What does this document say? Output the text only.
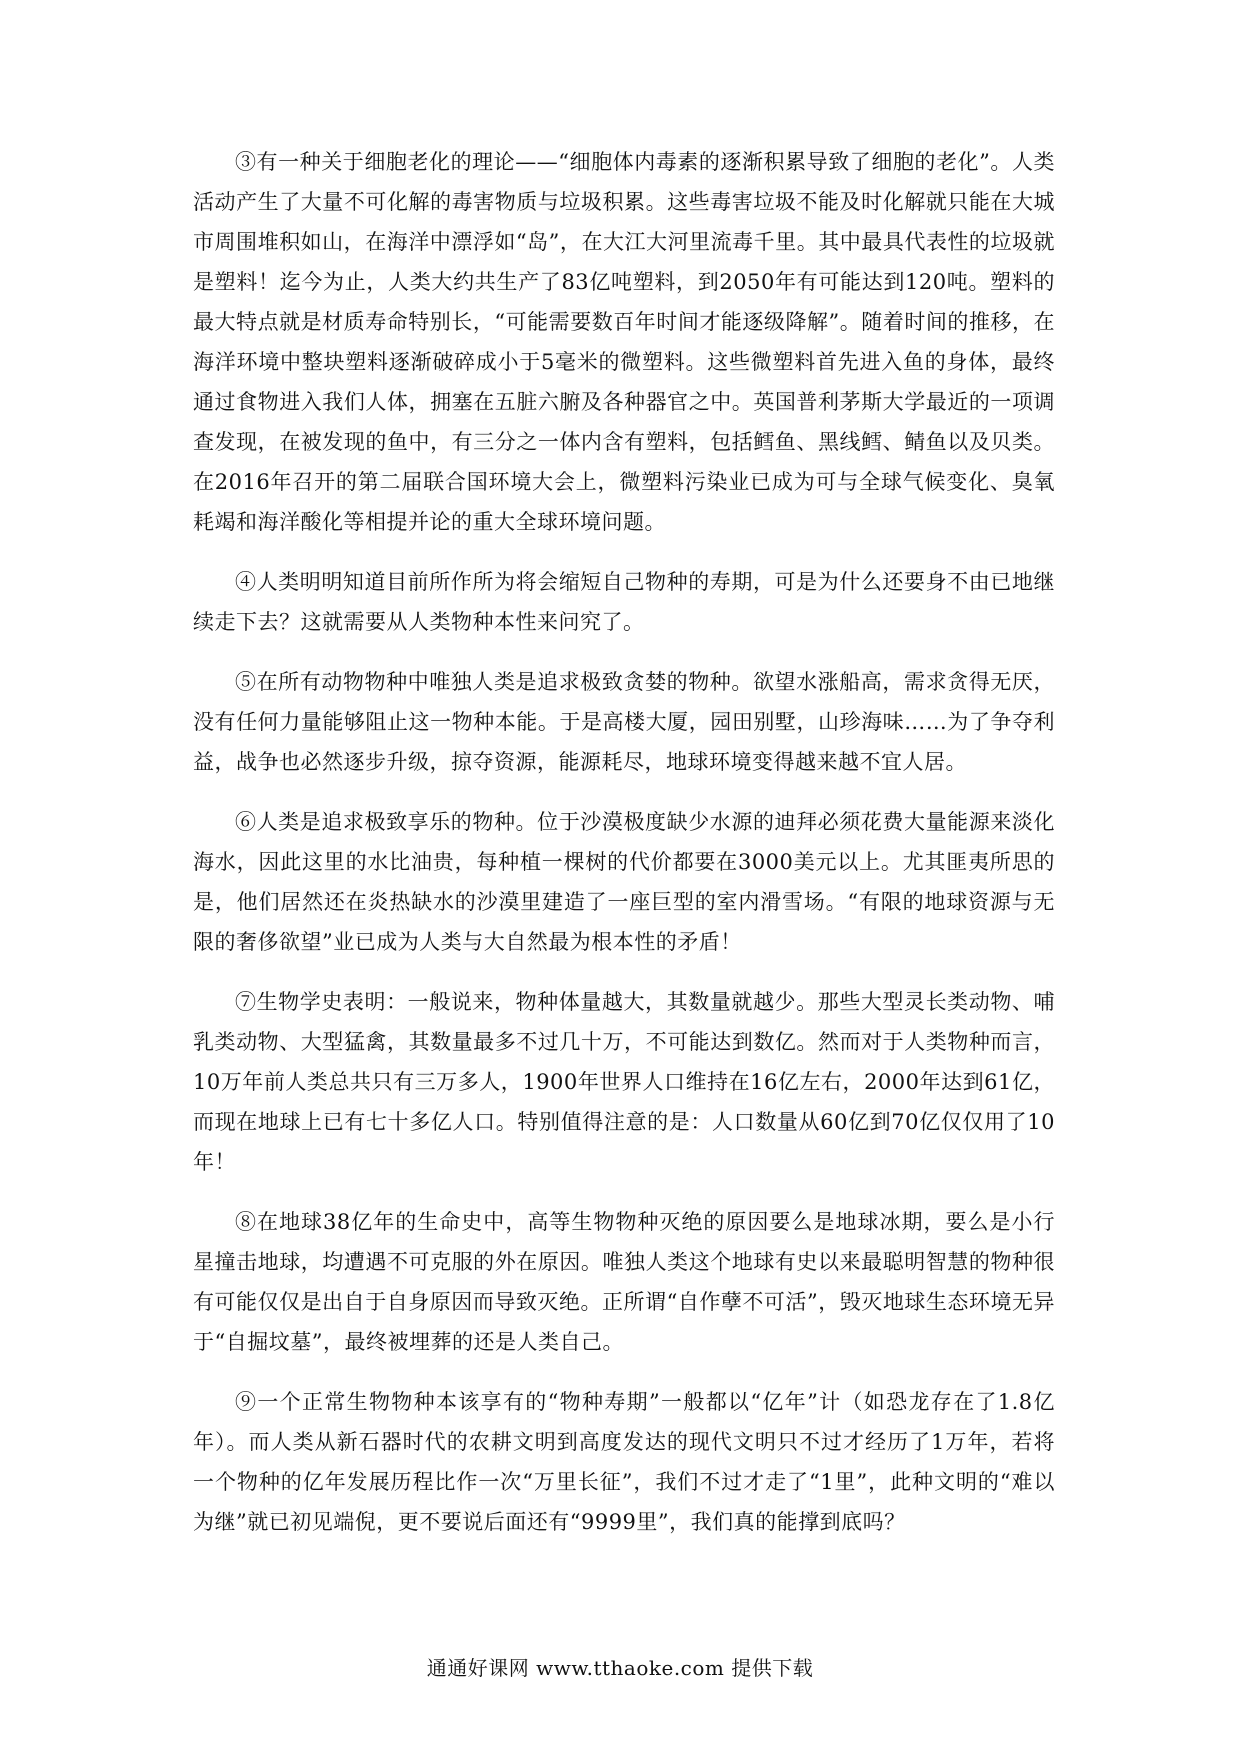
③有一种关于细胞老化的理论——“细胞体内毒素的逐渐积累导致了细胞的老化”。人类活动产生了大量不可化解的毒害物质与垃圾积累。这些毒害垃圾不能及时化解就只能在大城市周围堆积如山，在海洋中漂浮如“岛”，在大江大河里流毒千里。其中最具代表性的垃圾就是塑料！迄今为止，人类大约共生产了83亿吨塑料，到2050年有可能达到120吨。塑料的最大特点就是材质寿命特别长，“可能需要数百年时间才能逐级降解”。随着时间的推移，在海洋环境中整块塑料逐渐破碎成小于5毫米的微塑料。这些微塑料首先进入鱼的身体，最终通过食物进入我们人体，拥塞在五脏六腑及各种器官之中。英国普利茅斯大学最近的一项调查发现，在被发现的鱼中，有三分之一体内含有塑料，包括鳕鱼、黑线鳕、鲭鱼以及贝类。在2016年召开的第二届联合国环境大会上，微塑料污染业已成为可与全球气候变化、臭氧耗竭和海洋酸化等相提并论的重大全球环境问题。

④人类明明知道目前所作所为将会缩短自己物种的寿期，可是为什么还要身不由已地继续走下去？这就需要从人类物种本性来问究了。

⑤在所有动物物种中唯独人类是追求极致贪婪的物种。欲望水涨船高，需求贪得无厌，没有任何力量能够阻止这一物种本能。于是高楼大厦，园田别墅，山珍海味……为了争夺利益，战争也必然逐步升级，掠夺资源，能源耗尽，地球环境变得越来越不宜人居。

⑥人类是追求极致享乐的物种。位于沙漠极度缺少水源的迪拜必须花费大量能源来淡化海水，因此这里的水比油贵，每种植一棵树的代价都要在3000美元以上。尤其匪夷所思的是，他们居然还在炎热缺水的沙漠里建造了一座巨型的室内滑雪场。“有限的地球资源与无限的奢侈欲望”业已成为人类与大自然最为根本性的矛盾！

⑦生物学史表明：一般说来，物种体量越大，其数量就越少。那些大型灵长类动物、哺乳类动物、大型猛禽，其数量最多不过几十万，不可能达到数亿。然而对于人类物种而言，10万年前人类总共只有三万多人，1900年世界人口维持在16亿左右，2000年达到61亿，而现在地球上已有七十多亿人口。特别值得注意的是：人口数量从60亿到70亿仅仅用了10年！

⑧在地球38亿年的生命史中，高等生物物种灭绝的原因要么是地球冰期，要么是小行星撞击地球，均遭遇不可克服的外在原因。唯独人类这个地球有史以来最聪明智慧的物种很有可能仅仅是出自于自身原因而导致灭绝。正所谓“自作孽不可活”，毁灭地球生态环境无异于“自掘坟墓”，最终被埋葬的还是人类自己。

⑨一个正常生物物种本该享有的“物种寿期”一般都以“亿年”计（如恐龙存在了1.8亿年）。而人类从新石器时代的农耕文明到高度发达的现代文明只不过才经历了1万年，若将一个物种的亿年发展历程比作一次“万里长征”，我们不过才走了“1里”，此种文明的“难以为继”就已初见端倪，更不要说后面还有“9999里”，我们真的能撑到底吗？

通通好课网 www.tthaoke.com 提供下载
